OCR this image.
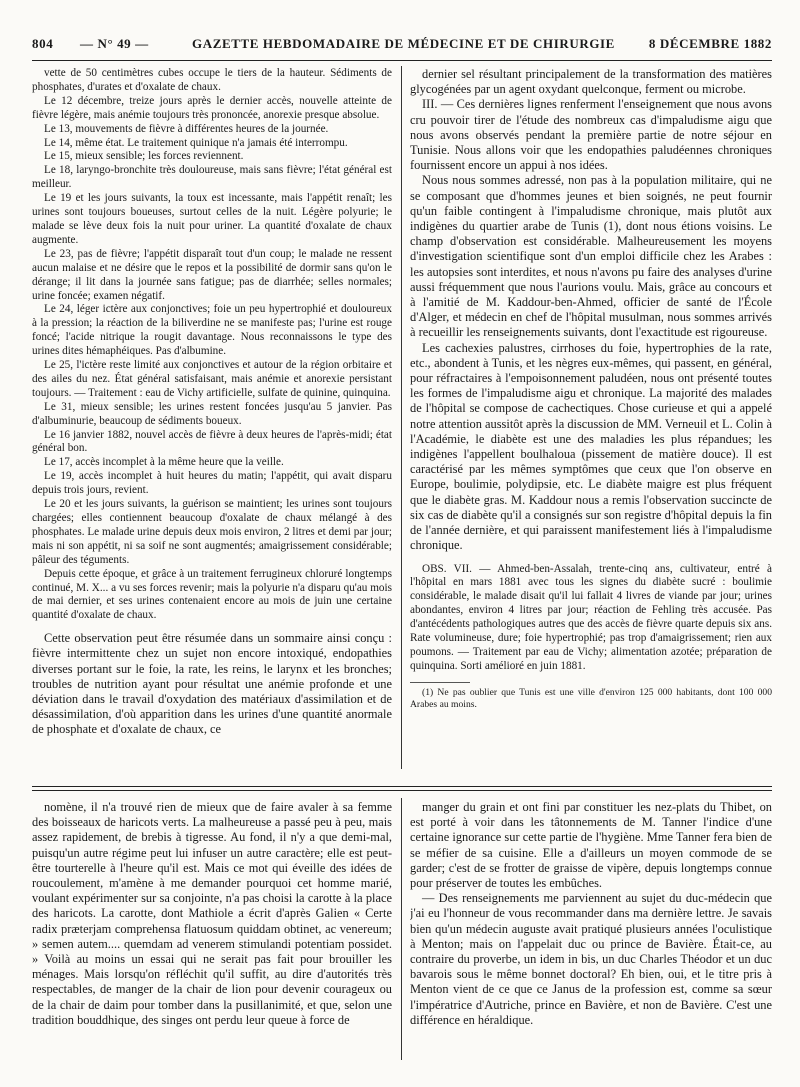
804 — N° 49 —	GAZETTE HEBDOMADAIRE DE MÉDECINE ET DE CHIRURGIE	8 DÉCEMBRE 1882

vette de 50 centimètres cubes occupe le tiers de la hauteur. Sédiments de phosphates, d'urates et d'oxalate de chaux.

Le 12 décembre, treize jours après le dernier accès, nouvelle atteinte de fièvre légère, mais anémie toujours très prononcée, anorexie presque absolue.

Le 13, mouvements de fièvre à différentes heures de la journée.

Le 14, même état. Le traitement quinique n'a jamais été interrompu.

Le 15, mieux sensible; les forces reviennent.

Le 18, laryngo-bronchite très douloureuse, mais sans fièvre; l'état général est meilleur.

Le 19 et les jours suivants, la toux est incessante, mais l'appétit renaît; les urines sont toujours boueuses, surtout celles de la nuit. Légère polyurie; le malade se lève deux fois la nuit pour uriner. La quantité d'oxalate de chaux augmente.

Le 23, pas de fièvre; l'appétit disparaît tout d'un coup; le malade ne ressent aucun malaise et ne désire que le repos et la possibilité de dormir sans qu'on le dérange; il lit dans la journée sans fatigue; pas de diarrhée; selles normales; urine foncée; examen négatif.

Le 24, léger ictère aux conjonctives; foie un peu hypertrophié et douloureux à la pression; la réaction de la biliverdine ne se manifeste pas; l'urine est rouge foncé; l'acide nitrique la rougit davantage. Nous reconnaissons le type des urines dites hémaphéiques. Pas d'albumine.

Le 25, l'ictère reste limité aux conjonctives et autour de la région orbitaire et des ailes du nez. État général satisfaisant, mais anémie et anorexie persistant toujours. — Traitement : eau de Vichy artificielle, sulfate de quinine, quinquina.

Le 31, mieux sensible; les urines restent foncées jusqu'au 5 janvier. Pas d'albuminurie, beaucoup de sédiments boueux.

Le 16 janvier 1882, nouvel accès de fièvre à deux heures de l'après-midi; état général bon.

Le 17, accès incomplet à la même heure que la veille.

Le 19, accès incomplet à huit heures du matin; l'appétit, qui avait disparu depuis trois jours, revient.

Le 20 et les jours suivants, la guérison se maintient; les urines sont toujours chargées; elles contiennent beaucoup d'oxalate de chaux mélangé à des phosphates. Le malade urine depuis deux mois environ, 2 litres et demi par jour; mais ni son appétit, ni sa soif ne sont augmentés; amaigrissement considérable; pâleur des téguments.

Depuis cette époque, et grâce à un traitement ferrugineux chloruré longtemps continué, M. X... a vu ses forces revenir; mais la polyurie n'a disparu qu'au mois de mai dernier, et ses urines contenaient encore au mois de juin une certaine quantité d'oxalate de chaux.

Cette observation peut être résumée dans un sommaire ainsi conçu : fièvre intermittente chez un sujet non encore intoxiqué, endopathies diverses portant sur le foie, la rate, les reins, le larynx et les bronches; troubles de nutrition ayant pour résultat une anémie profonde et une déviation dans le travail d'oxydation des matériaux d'assimilation et de désassimilation, d'où apparition dans les urines d'une quantité anormale de phosphate et d'oxalate de chaux, ce

dernier sel résultant principalement de la transformation des matières glycogénées par un agent oxydant quelconque, ferment ou microbe.

III. — Ces dernières lignes renferment l'enseignement que nous avons cru pouvoir tirer de l'étude des nombreux cas d'impaludisme aigu que nous avons observés pendant la première partie de notre séjour en Tunisie. Nous allons voir que les endopathies paludéennes chroniques fournissent encore un appui à nos idées.

Nous nous sommes adressé, non pas à la population militaire, qui ne se composant que d'hommes jeunes et bien soignés, ne peut fournir qu'un faible contingent à l'impaludisme chronique, mais plutôt aux indigènes du quartier arabe de Tunis (1), dont nous étions voisins. Le champ d'observation est considérable. Malheureusement les moyens d'investigation scientifique sont d'un emploi difficile chez les Arabes : les autopsies sont interdites, et nous n'avons pu faire des analyses d'urine aussi fréquemment que nous l'aurions voulu. Mais, grâce au concours et à l'amitié de M. Kaddour-ben-Ahmed, officier de santé de l'École d'Alger, et médecin en chef de l'hôpital musulman, nous sommes arrivés à recueillir les renseignements suivants, dont l'exactitude est rigoureuse.

Les cachexies palustres, cirrhoses du foie, hypertrophies de la rate, etc., abondent à Tunis, et les nègres eux-mêmes, qui passent, en général, pour réfractaires à l'empoisonnement paludéen, nous ont présenté toutes les formes de l'impaludisme aigu et chronique. La majorité des malades de l'hôpital se compose de cachectiques. Chose curieuse et qui a appelé notre attention aussitôt après la discussion de MM. Verneuil et L. Colin à l'Académie, le diabète est une des maladies les plus répandues; les indigènes l'appellent boulhaloua (pissement de matière douce). Il est caractérisé par les mêmes symptômes que ceux que l'on observe en Europe, boulimie, polydipsie, etc. Le diabète maigre est plus fréquent que le diabète gras. M. Kaddour nous a remis l'observation succincte de six cas de diabète qu'il a consignés sur son registre d'hôpital depuis la fin de l'année dernière, et qui paraissent manifestement liés à l'impaludisme chronique.

OBS. VII. — Ahmed-ben-Assalah, trente-cinq ans, cultivateur, entré à l'hôpital en mars 1881 avec tous les signes du diabète sucré : boulimie considérable, le malade disait qu'il lui fallait 4 livres de viande par jour; urines abondantes, environ 4 litres par jour; réaction de Fehling très accusée. Pas d'antécédents pathologiques autres que des accès de fièvre quarte depuis six ans. Rate volumineuse, dure; foie hypertrophié; pas trop d'amaigrissement; rien aux poumons. — Traitement par eau de Vichy; alimentation azotée; préparation de quinquina. Sorti amélioré en juin 1881.

(1) Ne pas oublier que Tunis est une ville d'environ 125 000 habitants, dont 100 000 Arabes au moins.

nomène, il n'a trouvé rien de mieux que de faire avaler à sa femme des boisseaux de haricots verts. La malheureuse a passé peu à peu, mais assez rapidement, de brebis à tigresse. Au fond, il n'y a que demi-mal, puisqu'un autre régime peut lui infuser un autre caractère; elle est peut-être tourterelle à l'heure qu'il est. Mais ce mot qui éveille des idées de roucoulement, m'amène à me demander pourquoi cet homme marié, voulant expérimenter sur sa conjointe, n'a pas choisi la carotte à la place des haricots. La carotte, dont Mathiole a écrit d'après Galien « Certe radix præterjam comprehensa flatuosum quiddam obtinet, ac venereum; » semen autem.... quemdam ad venerem stimulandi potentiam possidet. » Voilà au moins un essai qui ne serait pas fait pour brouiller les ménages. Mais lorsqu'on réfléchit qu'il suffit, au dire d'autorités très respectables, de manger de la chair de lion pour devenir courageux ou de la chair de daim pour tomber dans la pusillanimité, et que, selon une tradition bouddhique, des singes ont perdu leur queue à force de

manger du grain et ont fini par constituer les nez-plats du Thibet, on est porté à voir dans les tâtonnements de M. Tanner l'indice d'une certaine ignorance sur cette partie de l'hygiène. Mme Tanner fera bien de se méfier de sa cuisine. Elle a d'ailleurs un moyen commode de se garder; c'est de se frotter de graisse de vipère, depuis longtemps connue pour préserver de toutes les embûches.

— Des renseignements me parviennent au sujet du duc-médecin que j'ai eu l'honneur de vous recommander dans ma dernière lettre. Je savais bien qu'un médecin auguste avait pratiqué plusieurs années l'oculistique à Menton; mais on l'appelait duc ou prince de Bavière. Était-ce, au contraire du proverbe, un idem in bis, un duc Charles Théodor et un duc bavarois sous le même bonnet doctoral? Eh bien, oui, et le titre pris à Menton vient de ce que ce Janus de la profession est, comme sa sœur l'impératrice d'Autriche, prince en Bavière, et non de Bavière. C'est une différence en héraldique.
